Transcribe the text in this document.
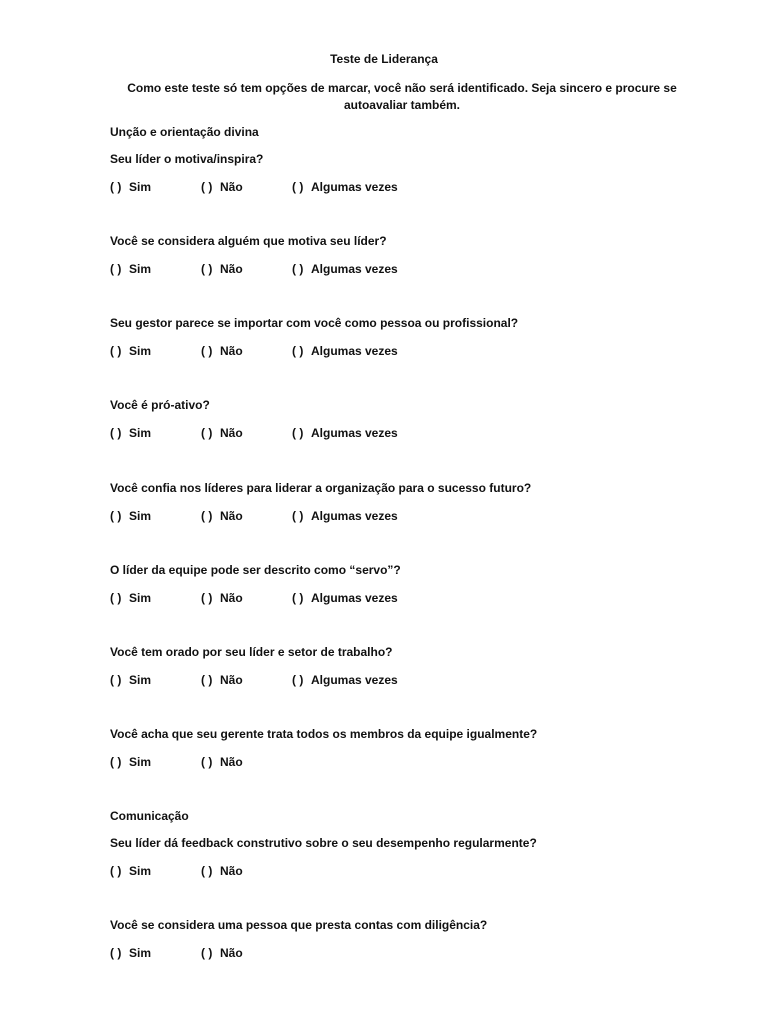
Teste de Liderança
Como este teste só tem opções de marcar, você não será identificado. Seja sincero e procure se autoavaliar também.
Unção e orientação divina
Seu líder o motiva/inspira?
( ) Sim	( ) Não	( ) Algumas vezes
Você se considera alguém que motiva seu líder?
( ) Sim	( ) Não	( ) Algumas vezes
Seu gestor parece se importar com você como pessoa ou profissional?
( ) Sim	( ) Não	( ) Algumas vezes
Você é pró-ativo?
( ) Sim	( ) Não	( ) Algumas vezes
Você confia nos líderes para liderar a organização para o sucesso futuro?
( ) Sim	( ) Não	( ) Algumas vezes
O líder da equipe pode ser descrito como “servo”?
( ) Sim	( ) Não	( ) Algumas vezes
Você tem orado por seu líder e setor de trabalho?
( ) Sim	( ) Não	( ) Algumas vezes
Você acha que seu gerente trata todos os membros da equipe igualmente?
( ) Sim	( ) Não
Comunicação
Seu líder dá feedback construtivo sobre o seu desempenho regularmente?
( ) Sim	( ) Não
Você se considera uma pessoa que presta contas com diligência?
( ) Sim	( ) Não
